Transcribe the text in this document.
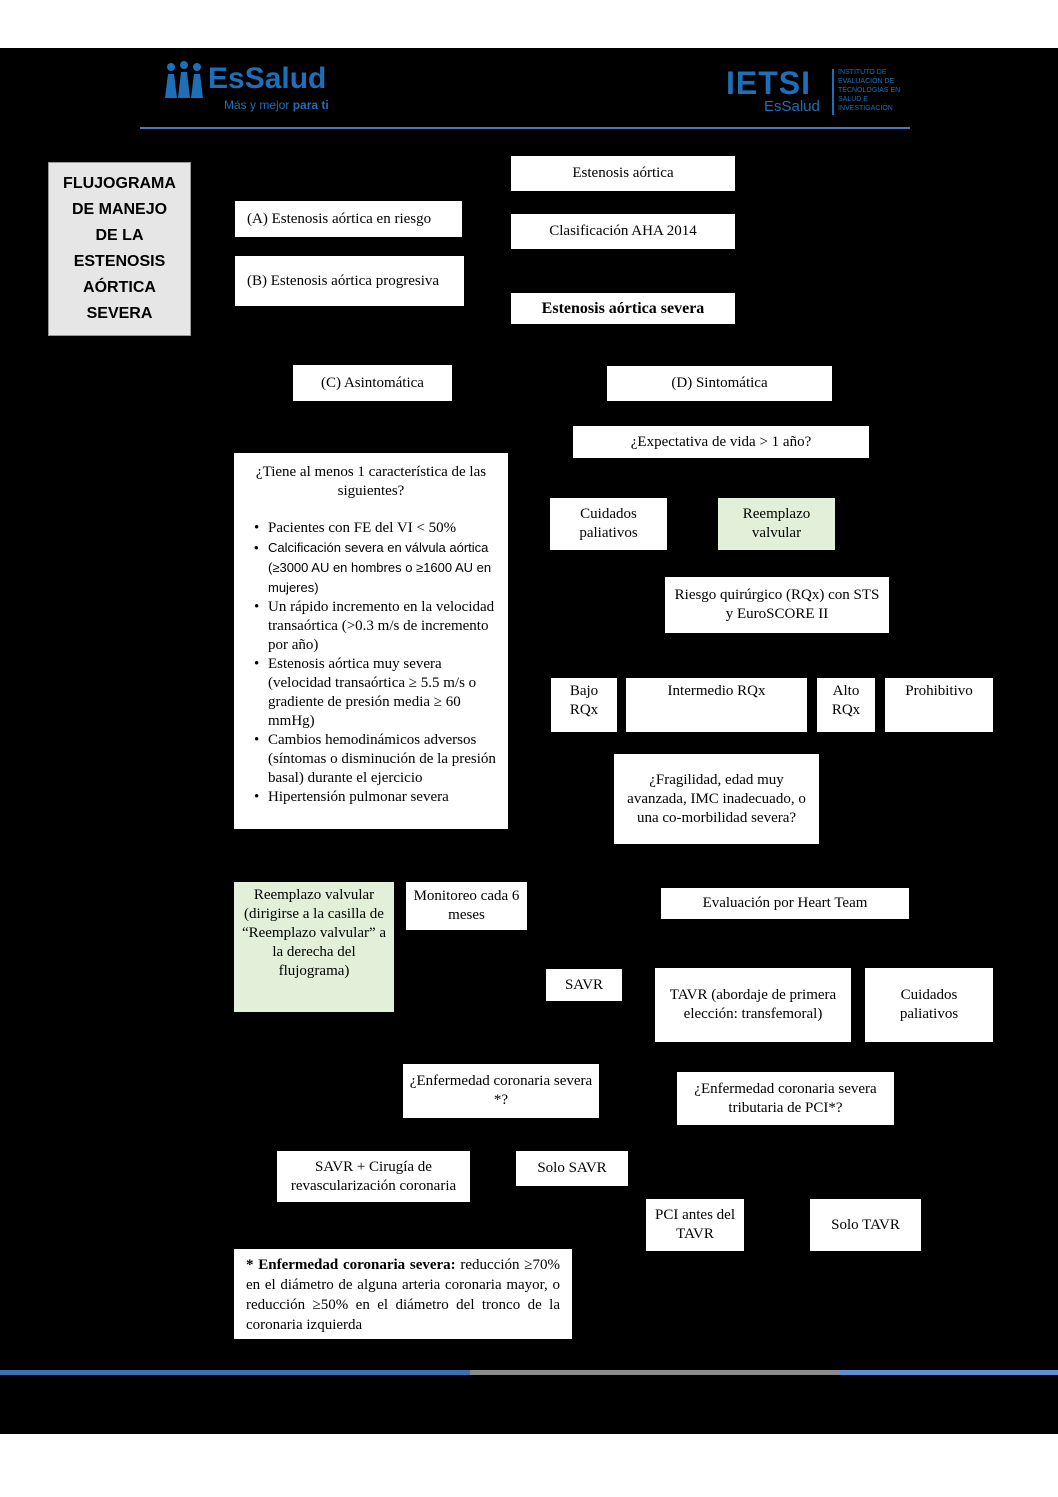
EsSalud
Más y mejor para ti
IETSI
EsSalud
INSTITUTO DE
EVALUACIÓN DE
TECNOLOGÍAS EN
SALUD E
INVESTIGACIÓN
FLUJOGRAMA
DE MANEJO
DE LA
ESTENOSIS
AÓRTICA
SEVERA
Estenosis aórtica
Clasificación AHA 2014
(A) Estenosis aórtica en riesgo
(B) Estenosis aórtica progresiva
Estenosis aórtica severa
(C) Asintomática	(D) Sintomática
¿Expectativa de vida > 1 año?
¿Tiene al menos 1 característica de las siguientes?
• Pacientes con FE del VI < 50%
• Calcificación severa en válvula aórtica (≥3000 AU en hombres o ≥1600 AU en mujeres)
• Un rápido incremento en la velocidad transaórtica (>0.3 m/s de incremento por año)
• Estenosis aórtica muy severa (velocidad transaórtica ≥ 5.5 m/s o gradiente de presión media ≥ 60 mmHg)
• Cambios hemodinámicos adversos (síntomas o disminución de la presión basal) durante el ejercicio
• Hipertensión pulmonar severa
Cuidados paliativos
Reemplazo valvular
Riesgo quirúrgico (RQx) con STS y EuroSCORE II
Bajo RQx
Intermedio RQx	Alto RQx
Prohibitivo
¿Fragilidad, edad muy avanzada, IMC inadecuado, o una co-morbilidad severa?
Reemplazo valvular (dirigirse a la casilla de “Reemplazo valvular” a la derecha del flujograma)
Monitoreo cada 6 meses
Evaluación por Heart Team
SAVR
TAVR (abordaje de primera elección: transfemoral)
Cuidados paliativos
¿Enfermedad coronaria severa *?
¿Enfermedad coronaria severa tributaria de PCI*?
SAVR + Cirugía de revascularización coronaria
Solo SAVR
PCI antes del TAVR
Solo TAVR
* Enfermedad coronaria severa: reducción ≥70% en el diámetro de alguna arteria coronaria mayor, o reducción ≥50% en el diámetro del tronco de la coronaria izquierda
